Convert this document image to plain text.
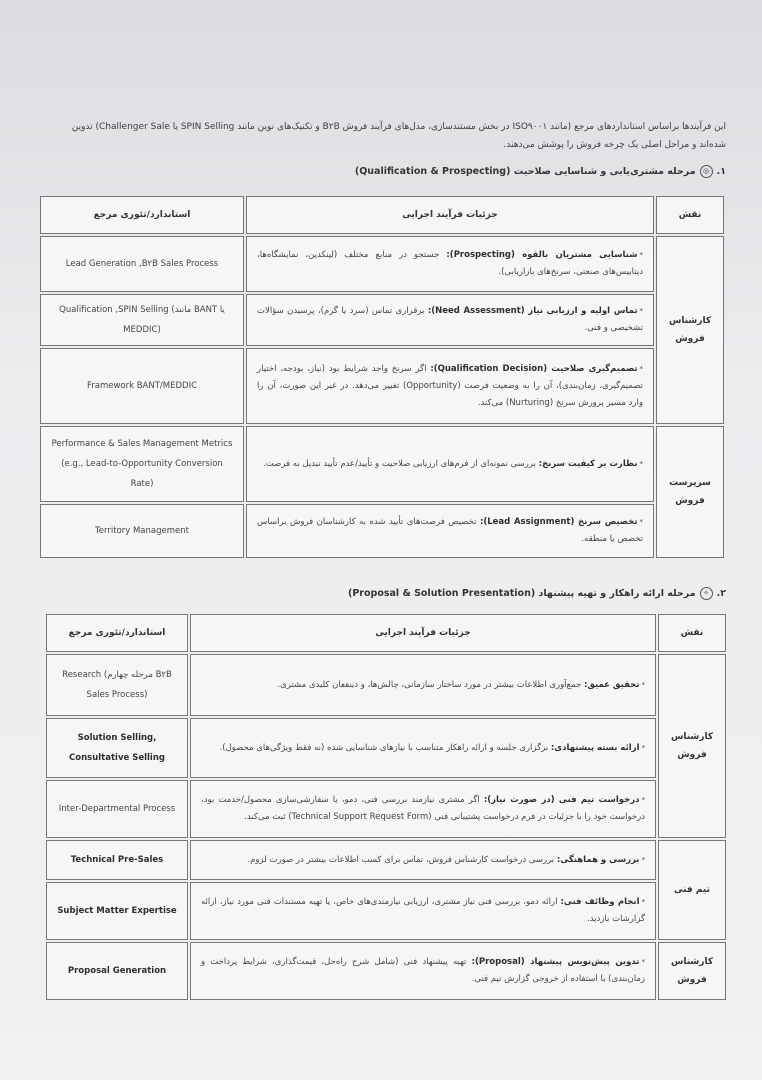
این فرآیندها براساس استانداردهای مرجع (مانند ISO۹۰۰۱ در بخش مستندسازی، مدل‌های فرآیند فروش B۲B و تکنیک‌های نوین مانند SPIN Selling یا Challenger Sale) تدوین
شده‌اند و مراحل اصلی یک چرخه فروش را پوشش می‌دهند.
۱.◎مرحله مشتری‌یابی و شناسایی صلاحیت (Qualification & Prospecting)
نقش	جزئیات فرآیند اجرایی	استاندارد/تئوری مرجع
کارشناس فروش	*شناسایی مشتریان بالقوه (Prospecting): جستجو در منابع مختلف (لینکدین، نمایشگاه‌ها، دیتابیس‌های صنعتی، سرنخ‌های بازاریابی).	Lead Generation ,B۲B Sales Process
	*تماس اولیه و ارزیابی نیاز (Need Assessment): برقراری تماس (سرد یا گرم)، پرسیدن سؤالات تشخیصی و فنی.	Qualification ,SPIN Selling (مانند BANT یا MEDDIC)
	*تصمیم‌گیری صلاحیت (Qualification Decision): اگر سرنخ واجد شرایط بود (نیاز، بودجه، اختیار تصمیم‌گیری، زمان‌بندی)، آن را به وضعیت فرصت (Opportunity) تغییر می‌دهد. در غیر این صورت، آن را وارد مسیر پرورش سرنخ (Nurturing) می‌کند.	Framework BANT/MEDDIC
سرپرست فروش	*نظارت بر کیفیت سرنخ: بررسی نمونه‌ای از فرم‌های ارزیابی صلاحیت و تأیید/عدم تأیید تبدیل به فرصت.	Performance & Sales Management Metrics (e.g., Lead-to-Opportunity Conversion Rate)
	*تخصیص سرنخ (Lead Assignment): تخصیص فرصت‌های تأیید شده به کارشناسان فروش براساس تخصص یا منطقه.	Territory Management
۲.✧مرحله ارائه راهکار و تهیه پیشنهاد (Proposal & Solution Presentation)
نقش	جزئیات فرآیند اجرایی	استاندارد/تئوری مرجع
کارشناس فروش	*تحقیق عمیق: جمع‌آوری اطلاعات بیشتر در مورد ساختار سازمانی، چالش‌ها، و ذینفعان کلیدی مشتری.	Research (مرحله چهارم B۲B Sales Process)
	*ارائه بسته پیشنهادی: برگزاری جلسه و ارائه راهکار متناسب با نیازهای شناسایی شده (نه فقط ویژگی‌های محصول).	Solution Selling, Consultative Selling
	*درخواست تیم فنی (در صورت نیاز): اگر مشتری نیازمند بررسی فنی، دمو، یا سفارشی‌سازی محصول/خدمت بود، درخواست خود را با جزئیات در فرم درخواست پشتیبانی فنی (Technical Support Request Form) ثبت می‌کند.	Inter-Departmental Process
تیم فنی	*بررسی و هماهنگی: بررسی درخواست کارشناس فروش، تماس برای کسب اطلاعات بیشتر در صورت لزوم.	Technical Pre-Sales
	*انجام وظائف فنی: ارائه دمو، بررسی فنی نیاز مشتری، ارزیابی نیازمندی‌های خاص، یا تهیه مستندات فنی مورد نیاز، ارائه گزارشات بازدید.	Subject Matter Expertise
کارشناس فروش	*تدوین پیش‌نویس پیشنهاد (Proposal): تهیه پیشنهاد فنی (شامل شرح راه‌حل، قیمت‌گذاری، شرایط پرداخت و زمان‌بندی) با استفاده از خروجی گزارش تیم فنی.	Proposal Generation
